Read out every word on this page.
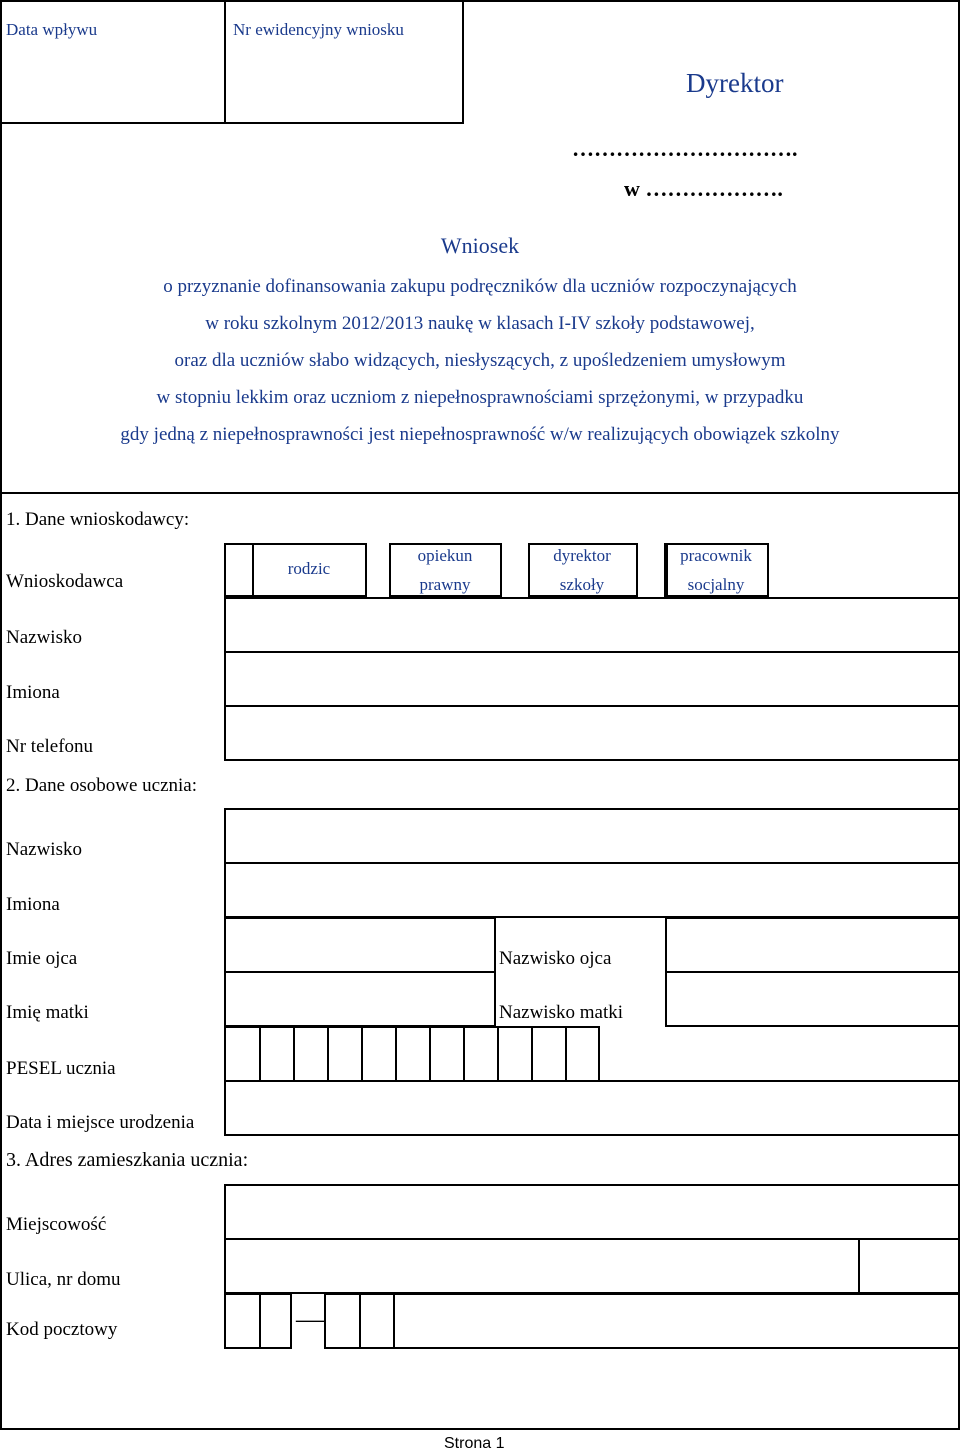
Data wpływu	Nr ewidencyjny wniosku
Dyrektor
………………………….
w ……………….
Wniosek
o przyznanie dofinansowania zakupu podręczników dla uczniów rozpoczynających
w roku szkolnym 2012/2013 naukę w klasach I-IV szkoły podstawowej,
oraz dla uczniów słabo widzących, niesłyszących, z upośledzeniem umysłowym
w stopniu lekkim oraz uczniom z niepełnosprawnościami sprzężonymi, w przypadku
gdy jedną z niepełnosprawności jest niepełnosprawność w/w realizujących obowiązek szkolny
1. Dane wnioskodawcy:
Wnioskodawca
rodzic
opiekun
prawny
dyrektor
szkoły
pracownik
socjalny
Nazwisko
Imiona
Nr telefonu
2. Dane osobowe ucznia:
Nazwisko
Imiona
Imie ojca	Nazwisko ojca
Imię matki	Nazwisko matki
PESEL ucznia
Data i miejsce urodzenia
3. Adres zamieszkania ucznia:
Miejscowość
Ulica, nr domu
—
Kod pocztowy
Strona 1
